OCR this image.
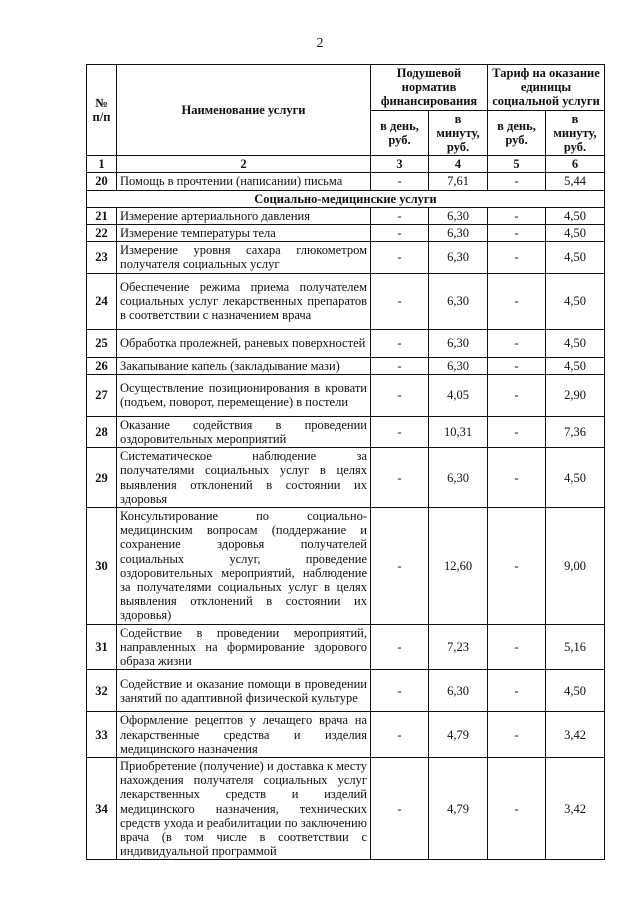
2
№ п/п	Наименование услуги	Подушевой норматив финансирования		Тариф на оказание единицы социальной услуги	
		в день, руб.	в минуту, руб.	в день, руб.	в минуту, руб.
1	2	3	4	5	6
20	Помощь в прочтении (написании) письма	-	7,61	-	5,44
Социально-медицинские услуги					
21	Измерение артериального давления	-	6,30	-	4,50
22	Измерение температуры тела	-	6,30	-	4,50
23	Измерение уровня сахара глюкометром получателя социальных услуг	-	6,30	-	4,50
24	Обеспечение режима приема получателем социальных услуг лекарственных препаратов в соответствии с назначением врача	-	6,30	-	4,50
25	Обработка пролежней, раневых поверхностей	-	6,30	-	4,50
26	Закапывание капель (закладывание мази)	-	6,30	-	4,50
27	Осуществление позиционирования в кровати (подъем, поворот, перемещение) в постели	-	4,05	-	2,90
28	Оказание содействия в проведении оздоровительных мероприятий	-	10,31	-	7,36
29	Систематическое наблюдение за получателями социальных услуг в целях выявления отклонений в состоянии их здоровья	-	6,30	-	4,50
30	Консультирование по социально-медицинским вопросам (поддержание и сохранение здоровья получателей социальных услуг, проведение оздоровительных мероприятий, наблюдение за получателями социальных услуг в целях выявления отклонений в состоянии их здоровья)	-	12,60	-	9,00
31	Содействие в проведении мероприятий, направленных на формирование здорового образа жизни	-	7,23	-	5,16
32	Содействие и оказание помощи в проведении занятий по адаптивной физической культуре	-	6,30	-	4,50
33	Оформление рецептов у лечащего врача на лекарственные средства и изделия медицинского назначения	-	4,79	-	3,42
34	Приобретение (получение) и доставка к месту нахождения получателя социальных услуг лекарственных средств и изделий медицинского назначения, технических средств ухода и реабилитации по заключению врача (в том числе в соответствии с индивидуальной программой	-	4,79	-	3,42
